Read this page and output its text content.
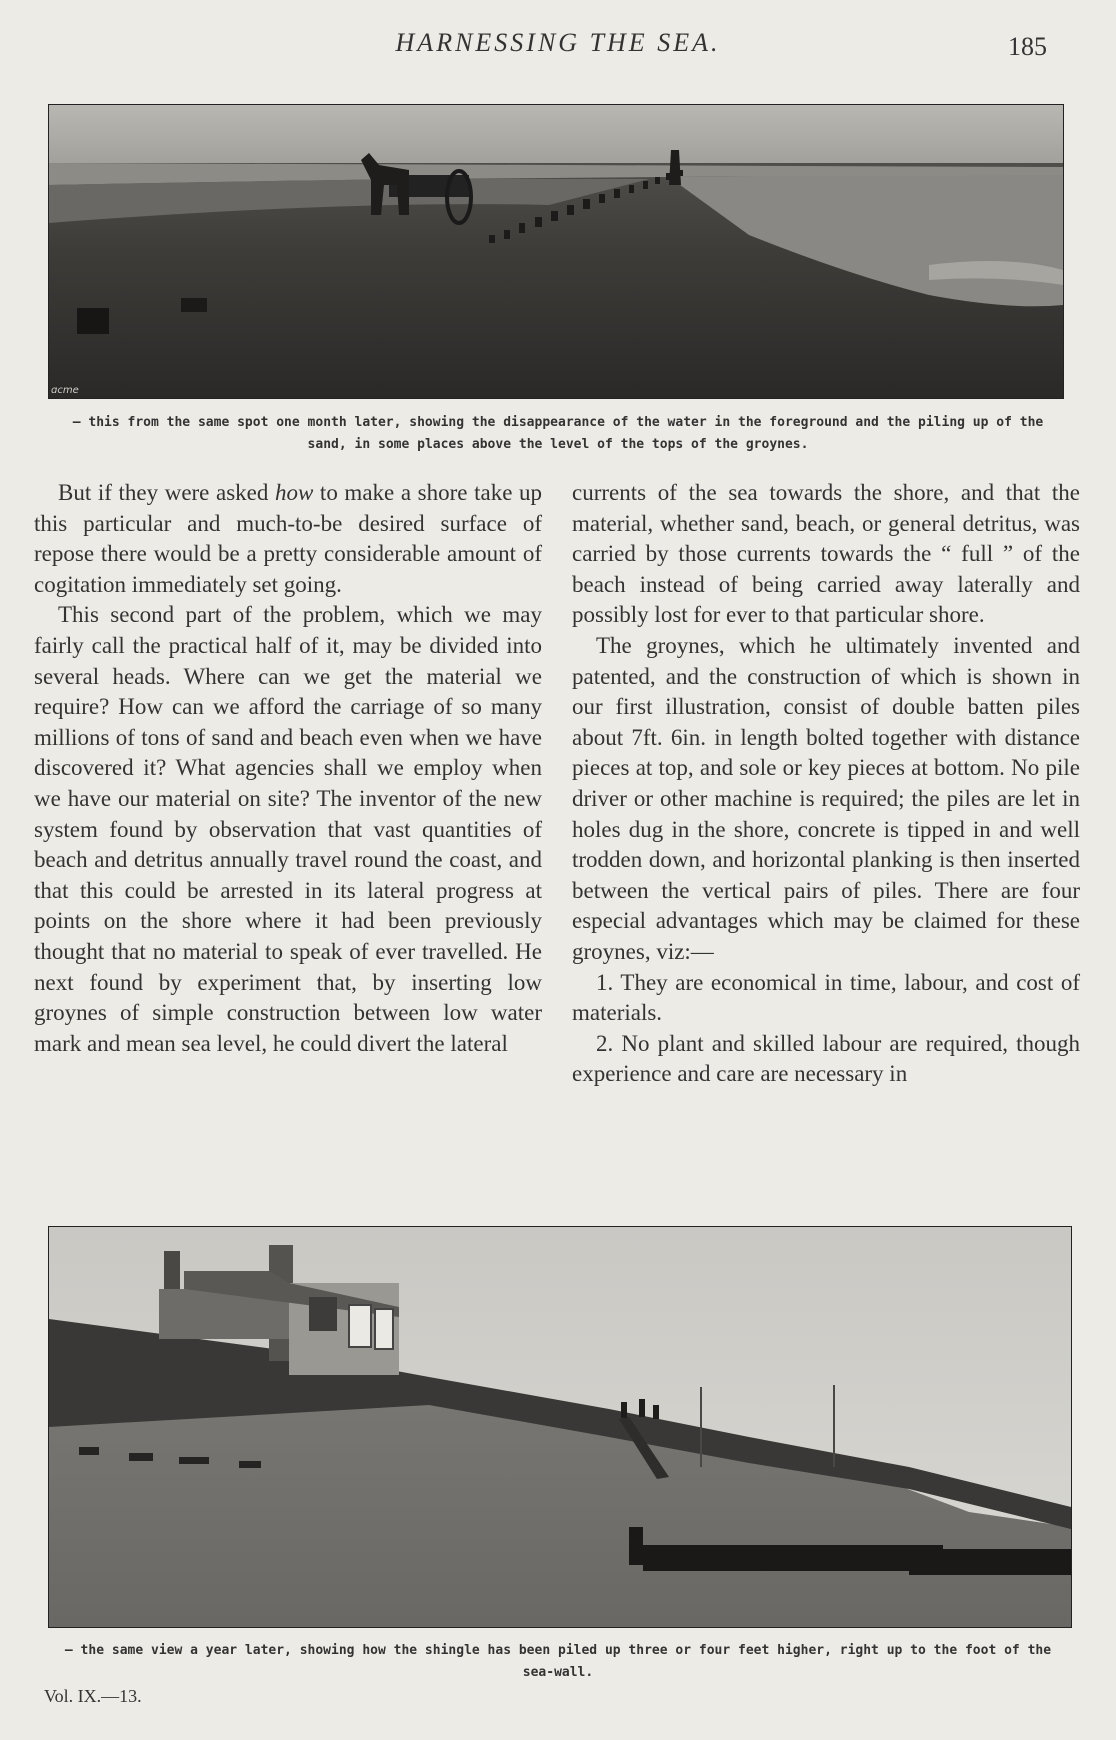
HARNESSING THE SEA.	185
ɑcme
— this from the same spot one month later, showing the disappearance of the water in the foreground and the piling up of the sand, in some places above the level of the tops of the groynes.

But if they were asked how to make a shore take up this particular and much-to-be desired surface of repose there would be a pretty considerable amount of cogitation immediately set going.

This second part of the problem, which we may fairly call the practical half of it, may be divided into several heads. Where can we get the material we require? How can we afford the carriage of so many millions of tons of sand and beach even when we have discovered it? What agencies shall we employ when we have our material on site? The inventor of the new system found by observation that vast quantities of beach and detritus annually travel round the coast, and that this could be arrested in its lateral progress at points on the shore where it had been previously thought that no material to speak of ever travelled. He next found by experiment that, by inserting low groynes of simple construction between low water mark and mean sea level, he could divert the lateral

currents of the sea towards the shore, and that the material, whether sand, beach, or general detritus, was carried by those currents towards the “ full ” of the beach instead of being carried away laterally and possibly lost for ever to that particular shore.

The groynes, which he ultimately invented and patented, and the construction of which is shown in our first illustration, consist of double batten piles about 7ft. 6in. in length bolted together with distance pieces at top, and sole or key pieces at bottom. No pile driver or other machine is required; the piles are let in holes dug in the shore, concrete is tipped in and well trodden down, and horizontal planking is then inserted between the vertical pairs of piles. There are four especial advantages which may be claimed for these groynes, viz:—

1. They are economical in time, labour, and cost of materials.

2. No plant and skilled labour are required, though experience and care are necessary in

— the same view a year later, showing how the shingle has been piled up three or four feet higher, right up to the foot of the sea-wall.
Vol. IX.—13.
